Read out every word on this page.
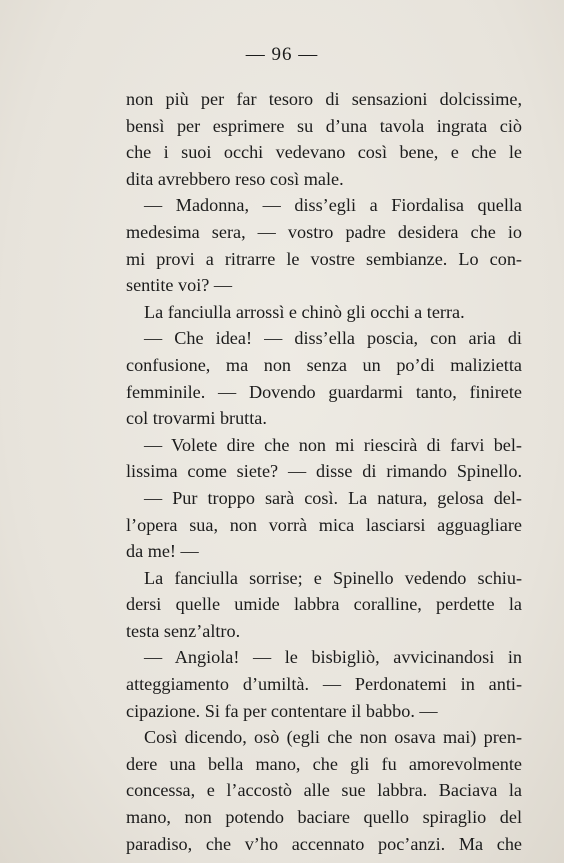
— 96 —
non più per far tesoro di sensazioni dolcissime,
bensì per esprimere su d’una tavola ingrata ciò
che i suoi occhi vedevano così bene, e che le
dita avrebbero reso così male.
— Madonna, — diss’egli a Fiordalisa quella
medesima sera, — vostro padre desidera che io
mi provi a ritrarre le vostre sembianze. Lo con-
sentite voi? —
La fanciulla arrossì e chinò gli occhi a terra.
— Che idea! — diss’ella poscia, con aria di
confusione, ma non senza un po’di malizietta
femminile. — Dovendo guardarmi tanto, finirete
col trovarmi brutta.
— Volete dire che non mi riescirà di farvi bel-
lissima come siete? — disse di rimando Spinello.
— Pur troppo sarà così. La natura, gelosa del-
l’opera sua, non vorrà mica lasciarsi agguagliare
da me! —
La fanciulla sorrise; e Spinello vedendo schiu-
dersi quelle umide labbra coralline, perdette la
testa senz’altro.
— Angiola! — le bisbigliò, avvicinandosi in
atteggiamento d’umiltà. — Perdonatemi in anti-
cipazione. Si fa per contentare il babbo. —
Così dicendo, osò (egli che non osava mai) pren-
dere una bella mano, che gli fu amorevolmente
concessa, e l’accostò alle sue labbra. Baciava la
mano, non potendo baciare quello spiraglio del
paradiso, che v’ho accennato poc’anzi. Ma che
